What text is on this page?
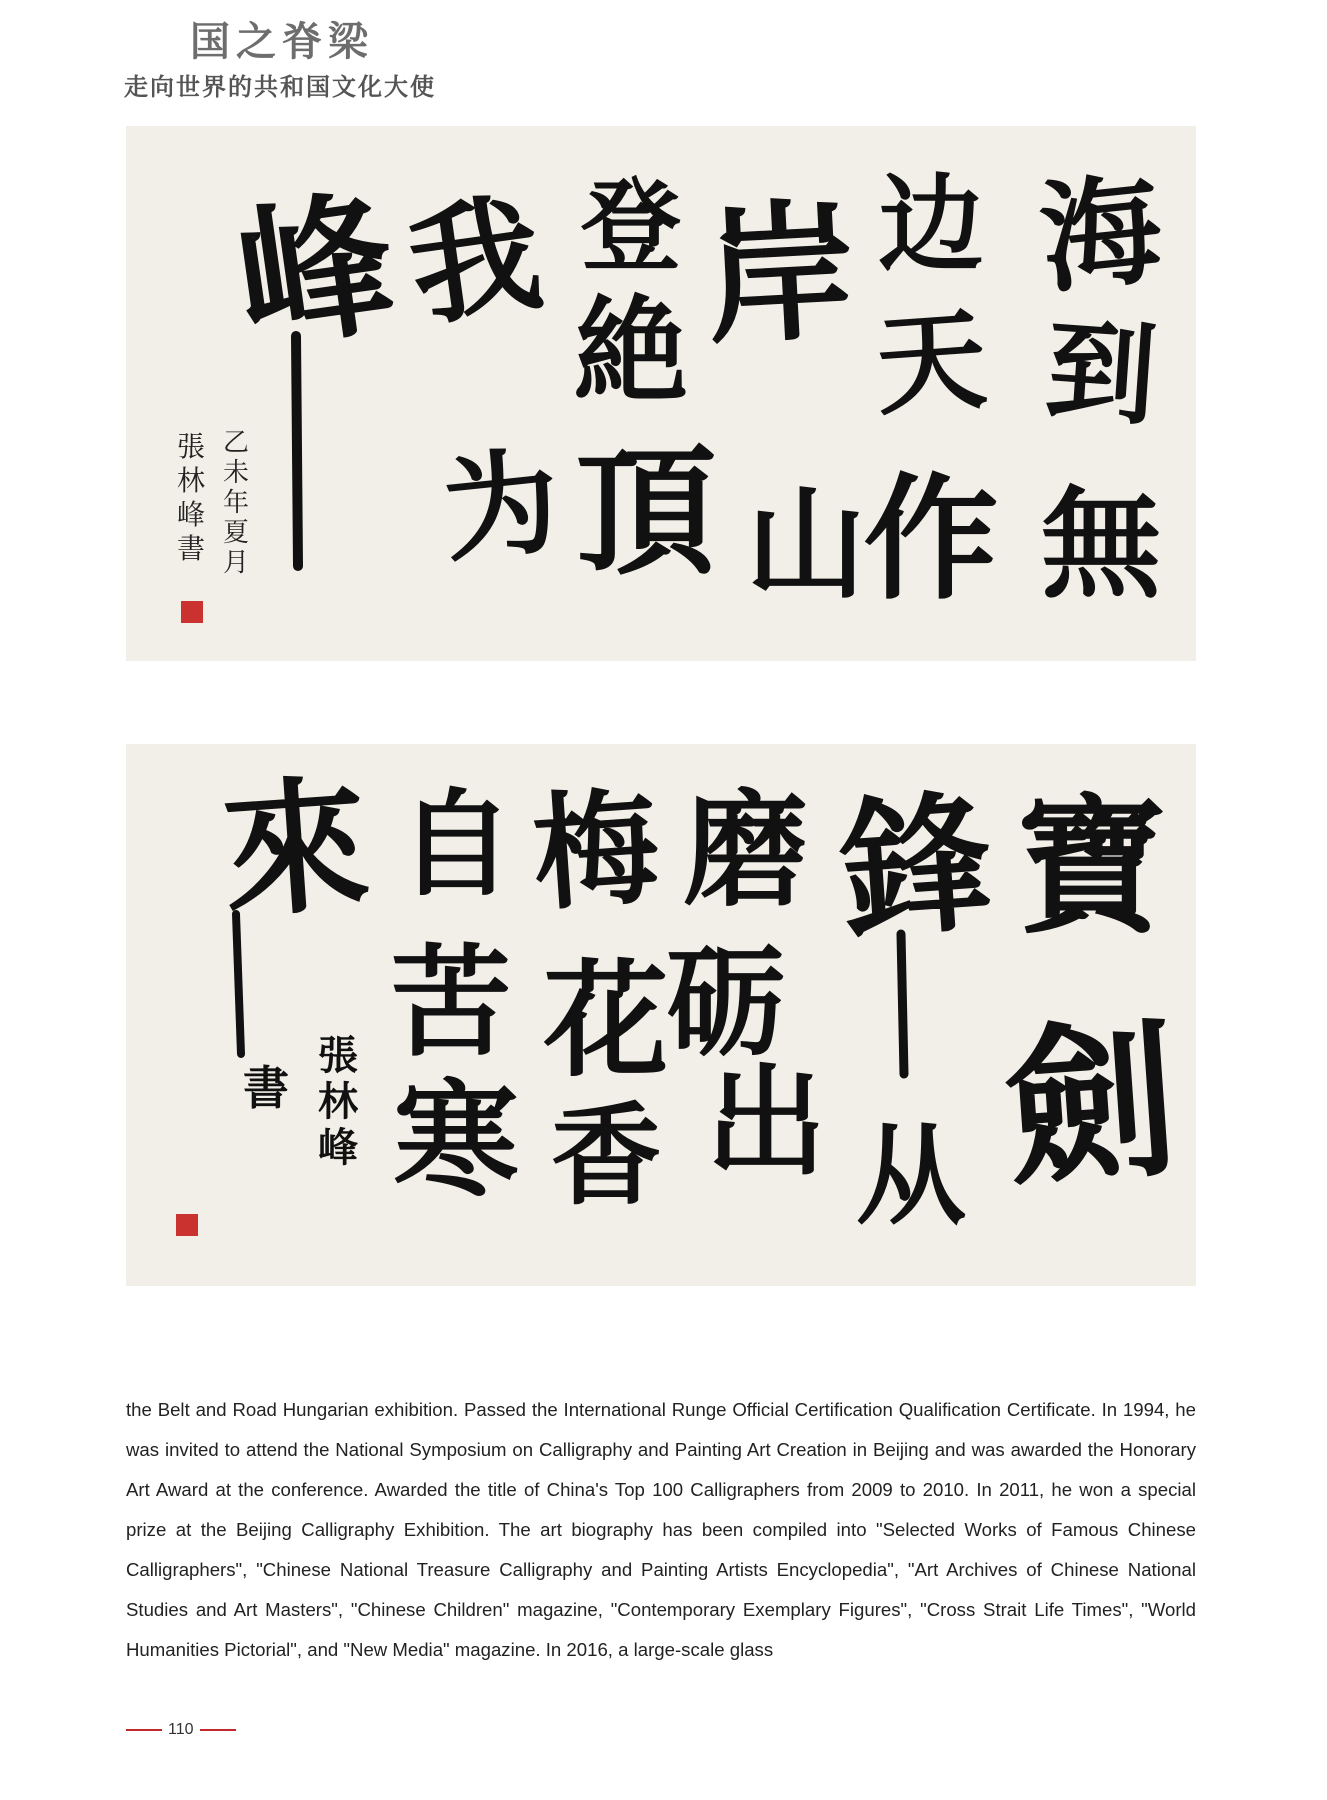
国之脊梁
走向世界的共和国文化大使
海
到
無
边
天
作
岸
山
登
絶
頂
我
为
峰
乙未年夏月
張林峰書
寶
劍
鋒
从
磨
砺
出
梅
花
香
自
苦
寒
來
書
張林峰

the Belt and Road Hungarian exhibition. Passed the International Runge Official Certification Qualification Certificate. In 1994, he was invited to attend the National Symposium on Calligraphy and Painting Art Creation in Beijing and was awarded the Honorary Art Award at the conference. Awarded the title of China's Top 100 Calligraphers from 2009 to 2010. In 2011, he won a special prize at the Beijing Calligraphy Exhibition. The art biography has been compiled into "Selected Works of Famous Chinese Calligraphers", "Chinese National Treasure Calligraphy and Painting Artists Encyclopedia", "Art Archives of Chinese National Studies and Art Masters", "Chinese Children" magazine, "Contemporary Exemplary Figures", "Cross Strait Life Times", "World Humanities Pictorial", and "New Media" magazine. In 2016, a large-scale glass

110
